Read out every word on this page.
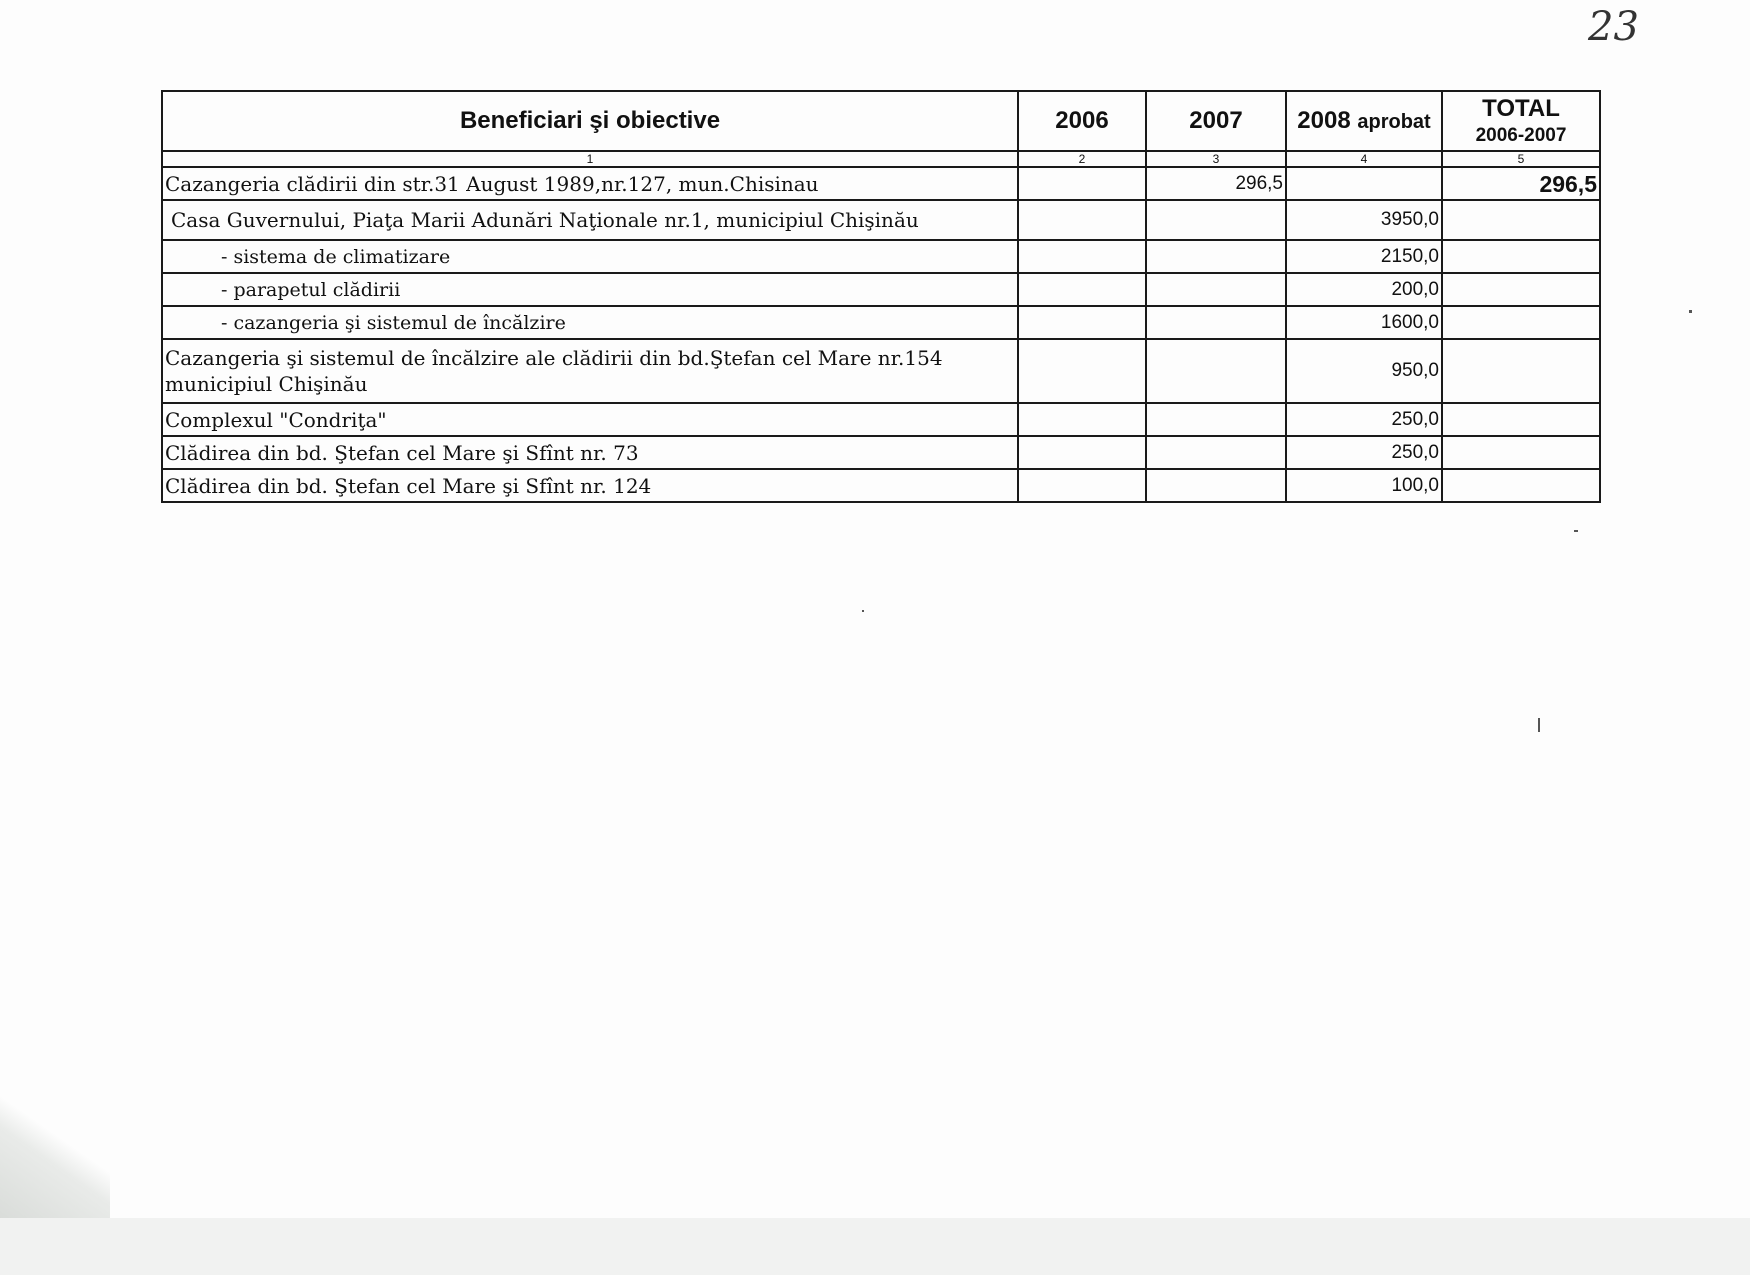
23
Beneficiari şi obiective	2006	2007	2008 aprobat	TOTAL
2006-2007

1	2	3	4	5
Cazangeria clădirii din str.31 August 1989,nr.127, mun.Chisinau		296,5		296,5
Casa Guvernului, Piaţa Marii Adunări Naţionale nr.1, municipiul Chişinău			3950,0	
- sistema de climatizare			2150,0	
- parapetul clădirii			200,0	
- cazangeria şi sistemul de încălzire			1600,0	
Cazangeria şi sistemul de încălzire ale clădirii din bd.Ştefan cel Mare nr.154 municipiul Chişinău			950,0	
Complexul "Condriţa"			250,0	
Clădirea din bd. Ştefan cel Mare şi Sfînt nr. 73			250,0	
Clădirea din bd. Ştefan cel Mare şi Sfînt nr. 124			100,0	
